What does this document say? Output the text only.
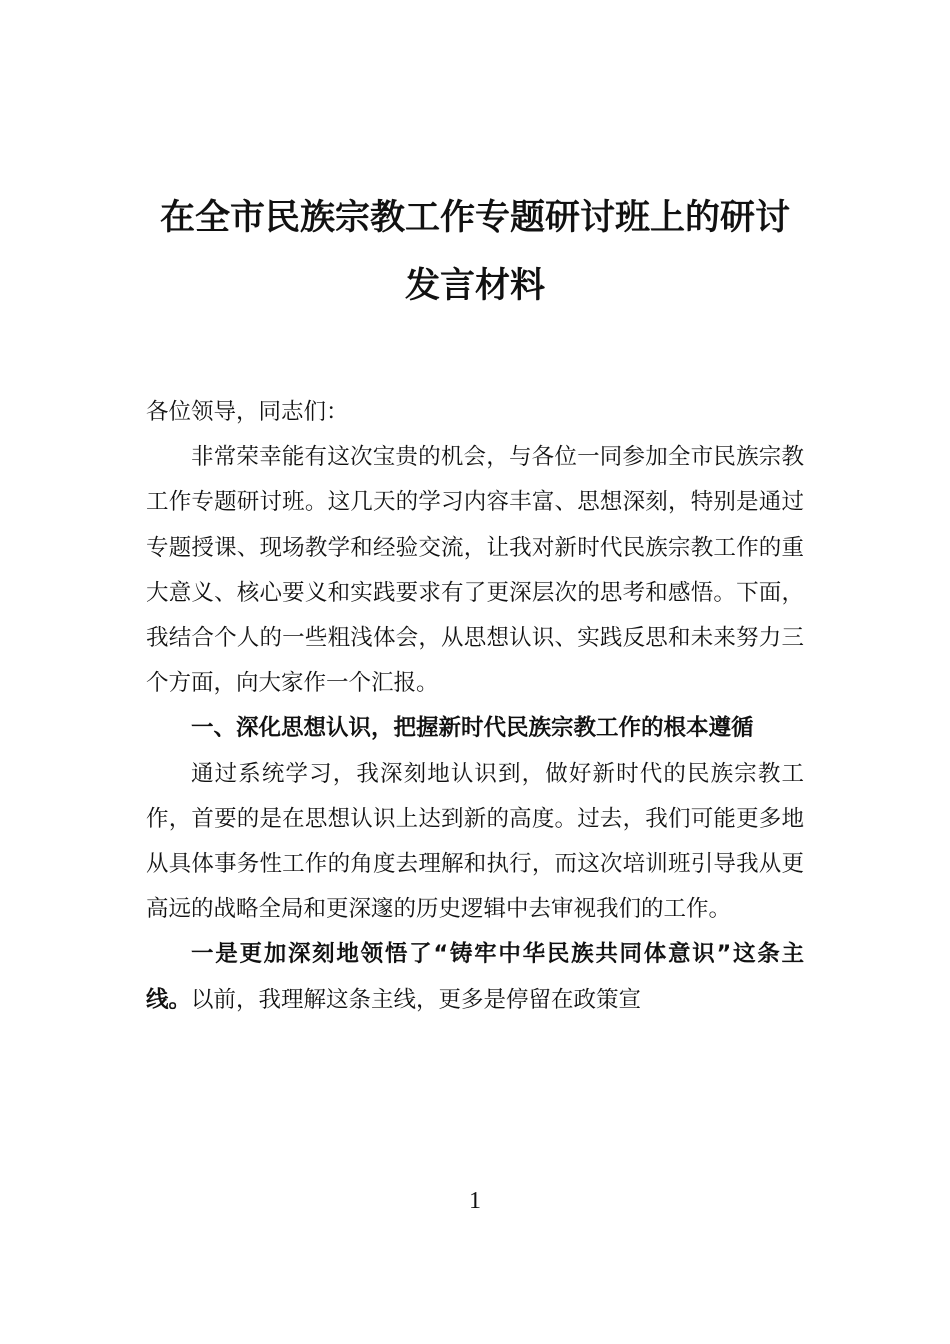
在全市民族宗教工作专题研讨班上的研讨
发言材料

各位领导，同志们：

非常荣幸能有这次宝贵的机会，与各位一同参加全市民族宗教工作专题研讨班。这几天的学习内容丰富、思想深刻，特别是通过专题授课、现场教学和经验交流，让我对新时代民族宗教工作的重大意义、核心要义和实践要求有了更深层次的思考和感悟。下面，我结合个人的一些粗浅体会，从思想认识、实践反思和未来努力三个方面，向大家作一个汇报。

一、深化思想认识，把握新时代民族宗教工作的根本遵循

通过系统学习，我深刻地认识到，做好新时代的民族宗教工作，首要的是在思想认识上达到新的高度。过去，我们可能更多地从具体事务性工作的角度去理解和执行，而这次培训班引导我从更高远的战略全局和更深邃的历史逻辑中去审视我们的工作。

一是更加深刻地领悟了“铸牢中华民族共同体意识”这条主线。以前，我理解这条主线，更多是停留在政策宣

1
